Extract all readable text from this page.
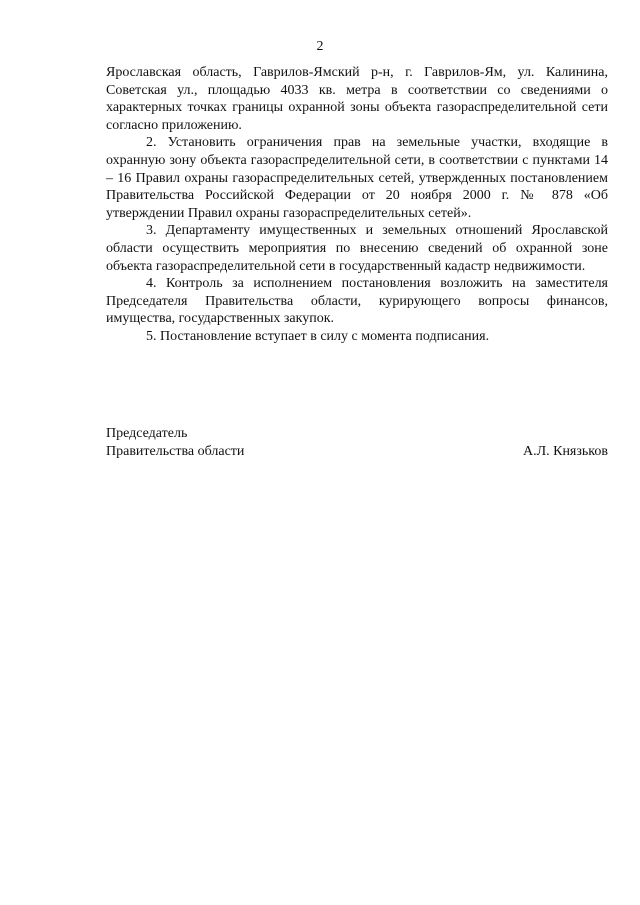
2

Ярославская область, Гаврилов-Ямский р-н, г. Гаврилов-Ям, ул. Калинина, Советская ул., площадью 4033 кв. метра в соответствии со сведениями о характерных точках границы охранной зоны объекта газораспределительной сети согласно приложению.

2. Установить ограничения прав на земельные участки, входящие в охранную зону объекта газораспределительной сети, в соответствии с пунктами 14 – 16 Правил охраны газораспределительных сетей, утвержденных постановлением Правительства Российской Федерации от 20 ноября 2000 г. № 878 «Об утверждении Правил охраны газораспределительных сетей».

3. Департаменту имущественных и земельных отношений Ярославской области осуществить мероприятия по внесению сведений об охранной зоне объекта газораспределительной сети в государственный кадастр недвижимости.

4. Контроль за исполнением постановления возложить на заместителя Председателя Правительства области, курирующего вопросы финансов, имущества, государственных закупок.

5. Постановление вступает в силу с момента подписания.

Председатель
Правительства области	А.Л. Князьков
